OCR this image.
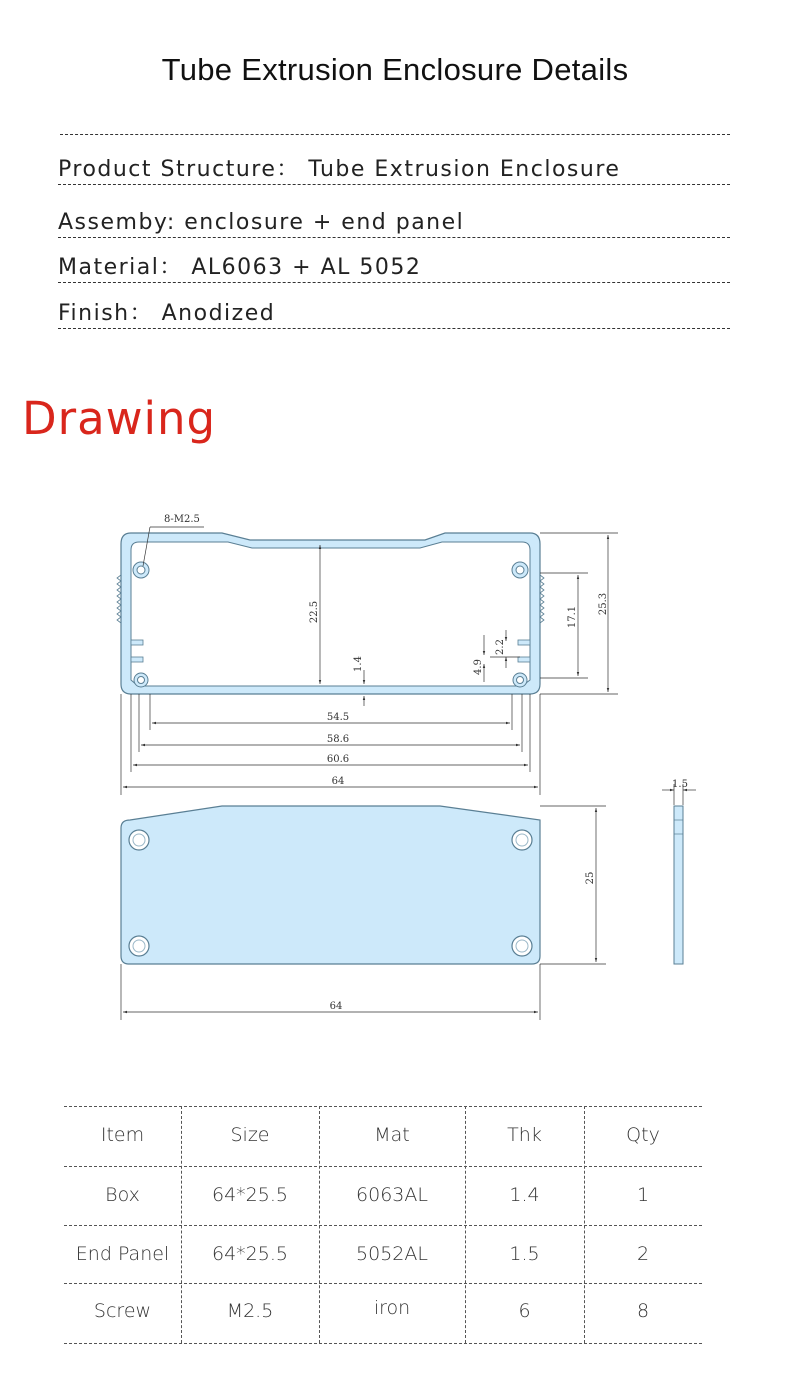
Tube Extrusion Enclosure Details
Product Structure： Tube Extrusion Enclosure
Assemby: enclosure + end panel
Material： AL6063 + AL 5052
Finish： Anodized
Drawing
8-M2.5
22.5	25.3
17.1
1.4	4.9
2.2
54.5
58.6
60.6
64
25
64
1.5
Item	Size	Mat	Thk	Qty
Box	64*25.5	6063AL	1.4	1
End Panel	64*25.5	5052AL	1.5	2
Screw	M2.5	iron	6	8
